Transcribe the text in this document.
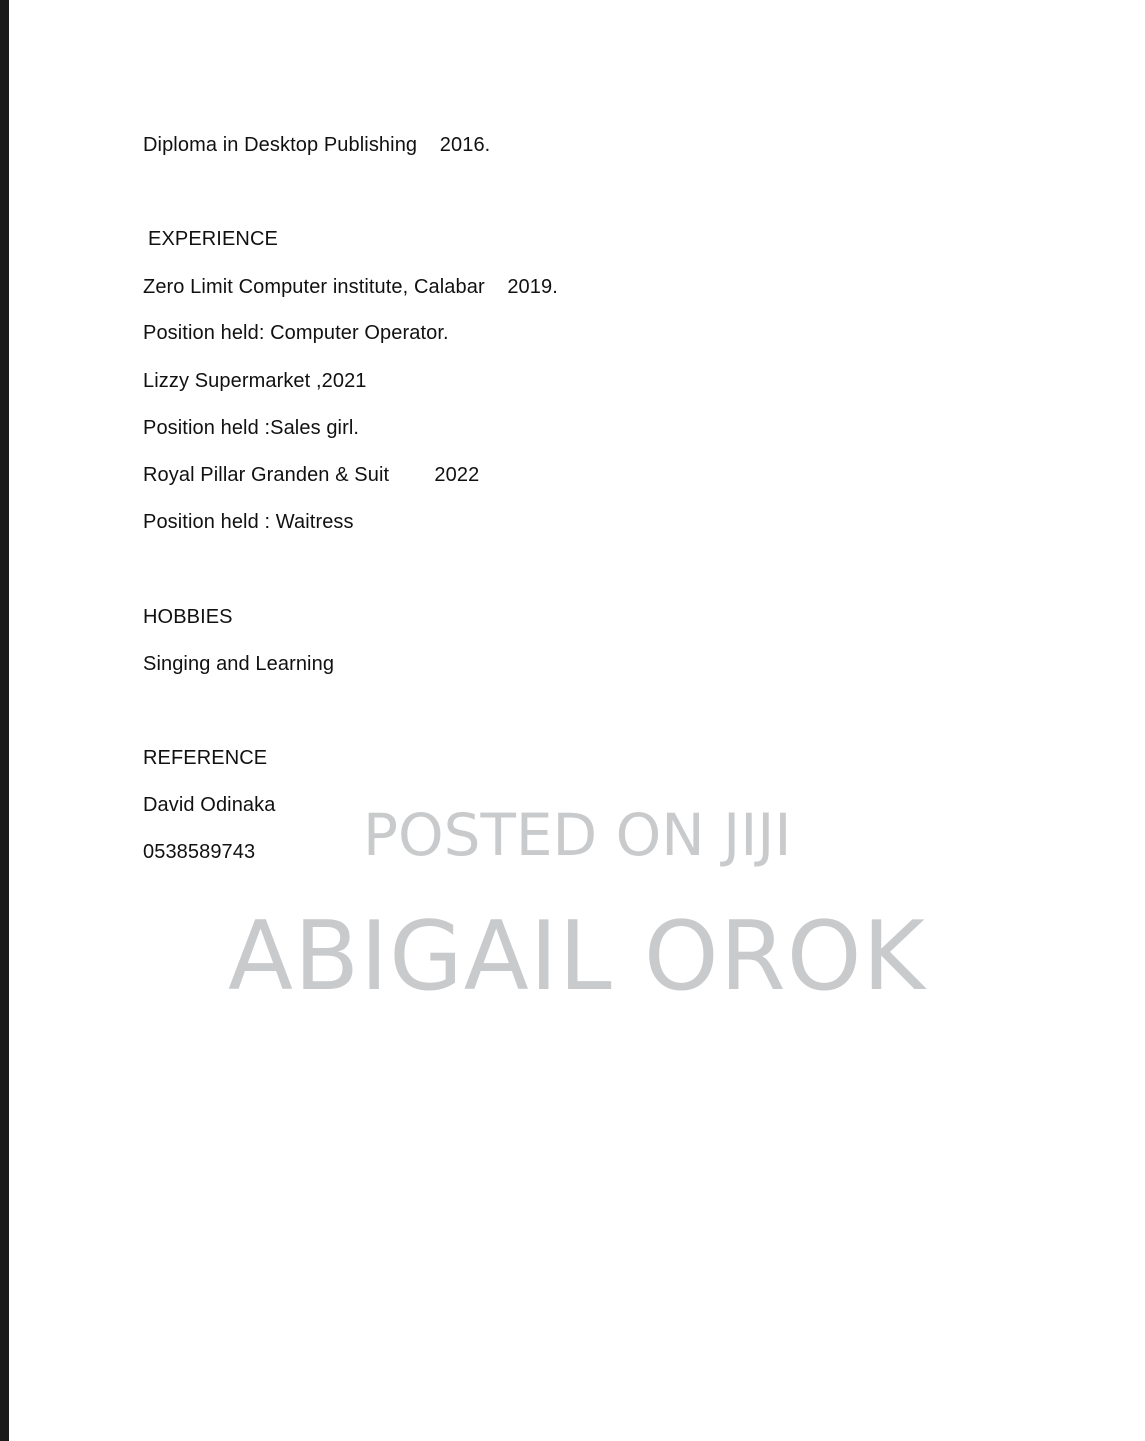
Diploma in Desktop Publishing    2016.
EXPERIENCE
Zero Limit Computer institute, Calabar    2019.
Position held: Computer Operator.
Lizzy Supermarket ,2021
Position held :Sales girl.
Royal Pillar Granden & Suit        2022
Position held : Waitress
HOBBIES
Singing and Learning
REFERENCE
David Odinaka
0538589743 POSTED ON JIJI
ABIGAIL OROK
